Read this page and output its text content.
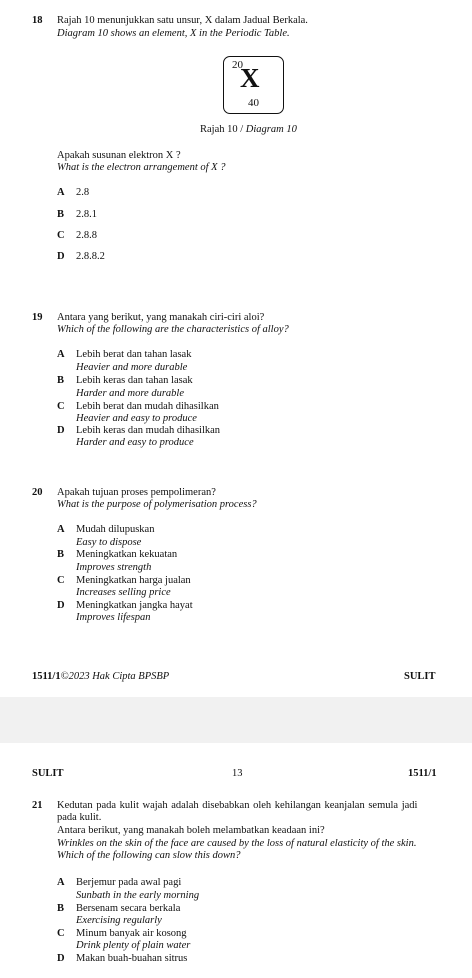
18 Rajah 10 menunjukkan satu unsur, X dalam Jadual Berkala.
Diagram 10 shows an element, X in the Periodic Table.
20
X
40
Rajah 10 / Diagram 10
Apakah susunan elektron X ?
What is the electron arrangement of X ?
A 2.8
B 2.8.1
C 2.8.8
D 2.8.8.2
19 Antara yang berikut, yang manakah ciri-ciri aloi?
Which of the following are the characteristics of alloy?
A Lebih berat dan tahan lasak
Heavier and more durable
B Lebih keras dan tahan lasak
Harder and more durable
C Lebih berat dan mudah dihasilkan
Heavier and easy to produce
D Lebih keras dan mudah dihasilkan
Harder and easy to produce
20 Apakah tujuan proses pempolimeran?
What is the purpose of polymerisation process?
A Mudah dilupuskan
Easy to dispose
B Meningkatkan kekuatan
Improves strength
C Meningkatkan harga jualan
Increases selling price
D Meningkatkan jangka hayat
Improves lifespan
1511/1©2023 Hak Cipta BPSBP	SULIT
SULIT	13	1511/1
21 Kedutan pada kulit wajah adalah disebabkan oleh kehilangan keanjalan semula jadi
pada kulit.
Antara berikut, yang manakah boleh melambatkan keadaan ini?
Wrinkles on the skin of the face are caused by the loss of natural elasticity of the skin.
Which of the following can slow this down?
A Berjemur pada awal pagi
Sunbath in the early morning
B Bersenam secara berkala
Exercising regularly
C Minum banyak air kosong
Drink plenty of plain water
D Makan buah-buahan sitrus
